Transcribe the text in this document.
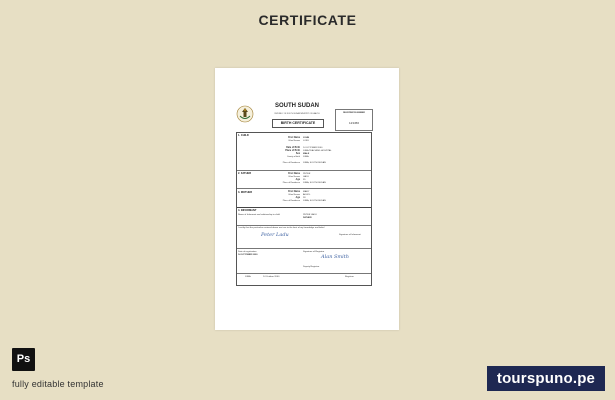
CERTIFICATE
SOUTH SUDAN
REPUBLIC OF SOUTH SUDAN MINISTRY OF HEALTH
BIRTH CERTIFICATE
REGISTRATION NUMBER
123456
1. CHILD
First Name JOHN
Other Names LOKU
Date of Birth 14 OCTOBER 2000
Place of Birth JUBA TEACHING HOSPITAL
Sex MALE
County of birth JUBA
Place of Residence JUBA, SOUTH SUDAN
2. FATHER	First Name PETER
Other Names LADU
Age 35
Place of Residence JUBA, SOUTH SUDAN
3. MOTHER	First Name MARY
Other Names AKUOL
Age 28
Place of Residence JUBA, SOUTH SUDAN
4. INFORMANT
Name of Informant and relationship to child	PETER LADU
FATHER
I certify that the particulars entered above are true to the best of my knowledge and belief
Peter Ladu	Signature of Informant
Date of registration
14 OCTOBER 2000
Signature of Registrar
Alan Smith
Deputy Registrar
JUBA	14 October 2000	Registrar
Ps
fully editable template	tourspuno.pe
